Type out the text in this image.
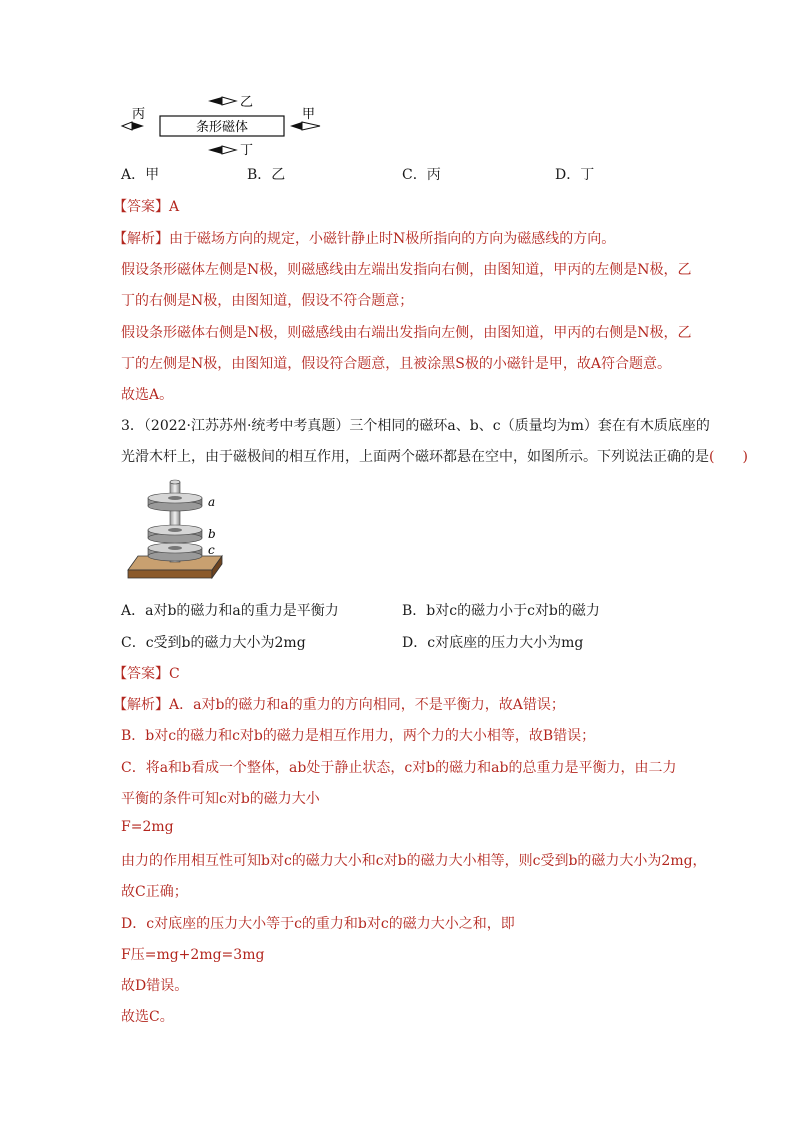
乙
丙
条形磁体
甲
丁
A．甲	B．乙	C．丙	D．丁
【答案】A
【解析】由于磁场方向的规定，小磁针静止时N极所指向的方向为磁感线的方向。
假设条形磁体左侧是N极，则磁感线由左端出发指向右侧，由图知道，甲丙的左侧是N极，乙
丁的右侧是N极，由图知道，假设不符合题意；
假设条形磁体右侧是N极，则磁感线由右端出发指向左侧，由图知道，甲丙的右侧是N极，乙
丁的左侧是N极，由图知道，假设符合题意，且被涂黑S极的小磁针是甲，故A符合题意。
故选A。
3．（2022·江苏苏州·统考中考真题）三个相同的磁环a、b、c（质量均为m）套在有木质底座的
光滑木杆上，由于磁极间的相互作用，上面两个磁环都悬在空中，如图所示。下列说法正确的是(　　)
a
b
c
A．a对b的磁力和a的重力是平衡力	B．b对c的磁力小于c对b的磁力
C．c受到b的磁力大小为2mg	D．c对底座的压力大小为mg
【答案】C
【解析】A．a对b的磁力和a的重力的方向相同，不是平衡力，故A错误；
B．b对c的磁力和c对b的磁力是相互作用力，两个力的大小相等，故B错误；
C．将a和b看成一个整体，ab处于静止状态，c对b的磁力和ab的总重力是平衡力，由二力
平衡的条件可知c对b的磁力大小
F=2mg
由力的作用相互性可知b对c的磁力大小和c对b的磁力大小相等，则c受到b的磁力大小为2mg，
故C正确；
D．c对底座的压力大小等于c的重力和b对c的磁力大小之和，即
F压=mg+2mg=3mg
故D错误。
故选C。
